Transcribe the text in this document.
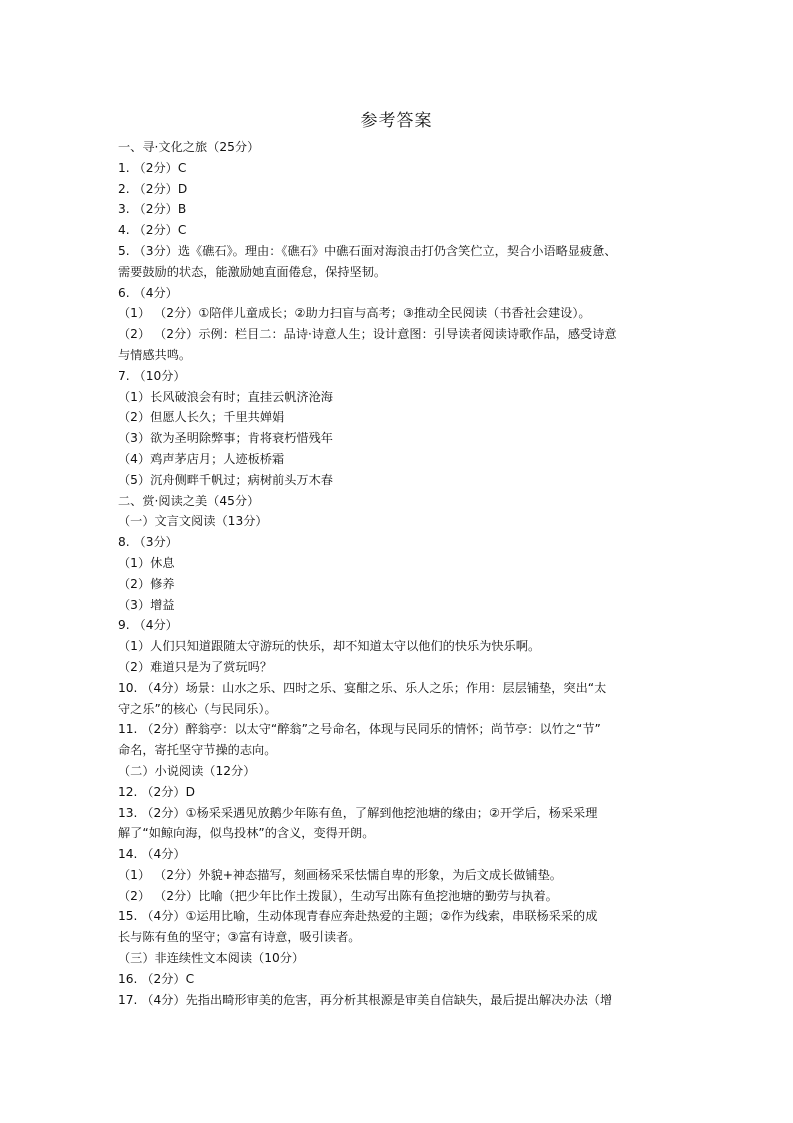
参考答案
一、寻·文化之旅（25分）
1. （2分）C
2. （2分）D
3. （2分）B
4. （2分）C
5. （3分）选《礁石》。理由：《礁石》中礁石面对海浪击打仍含笑伫立，契合小语略显疲惫、
需要鼓励的状态，能激励她直面倦怠，保持坚韧。
6. （4分）
（1） （2分）①陪伴儿童成长；②助力扫盲与高考；③推动全民阅读（书香社会建设）。
（2） （2分）示例：栏目二：品诗·诗意人生；设计意图：引导读者阅读诗歌作品，感受诗意
与情感共鸣。
7. （10分）
（1）长风破浪会有时；直挂云帆济沧海
（2）但愿人长久；千里共婵娟
（3）欲为圣明除弊事；肯将衰朽惜残年
（4）鸡声茅店月；人迹板桥霜
（5）沉舟侧畔千帆过；病树前头万木春
二、赏·阅读之美（45分）
（一）文言文阅读（13分）
8. （3分）
（1）休息
（2）修养
（3）增益
9. （4分）
（1）人们只知道跟随太守游玩的快乐，却不知道太守以他们的快乐为快乐啊。
（2）难道只是为了赏玩吗？
10. （4分）场景：山水之乐、四时之乐、宴酣之乐、乐人之乐；作用：层层铺垫，突出“太
守之乐”的核心（与民同乐）。
11. （2分）醉翁亭：以太守“醉翁”之号命名，体现与民同乐的情怀；尚节亭：以竹之“节”
命名，寄托坚守节操的志向。
（二）小说阅读（12分）
12. （2分）D
13. （2分）①杨采采遇见放鹅少年陈有鱼，了解到他挖池塘的缘由；②开学后，杨采采理
解了“如鲸向海，似鸟投林”的含义，变得开朗。
14. （4分）
（1） （2分）外貌+神态描写，刻画杨采采怯懦自卑的形象，为后文成长做铺垫。
（2） （2分）比喻（把少年比作土拨鼠），生动写出陈有鱼挖池塘的勤劳与执着。
15. （4分）①运用比喻，生动体现青春应奔赴热爱的主题；②作为线索，串联杨采采的成
长与陈有鱼的坚守；③富有诗意，吸引读者。
（三）非连续性文本阅读（10分）
16. （2分）C
17. （4分）先指出畸形审美的危害，再分析其根源是审美自信缺失，最后提出解决办法（增
